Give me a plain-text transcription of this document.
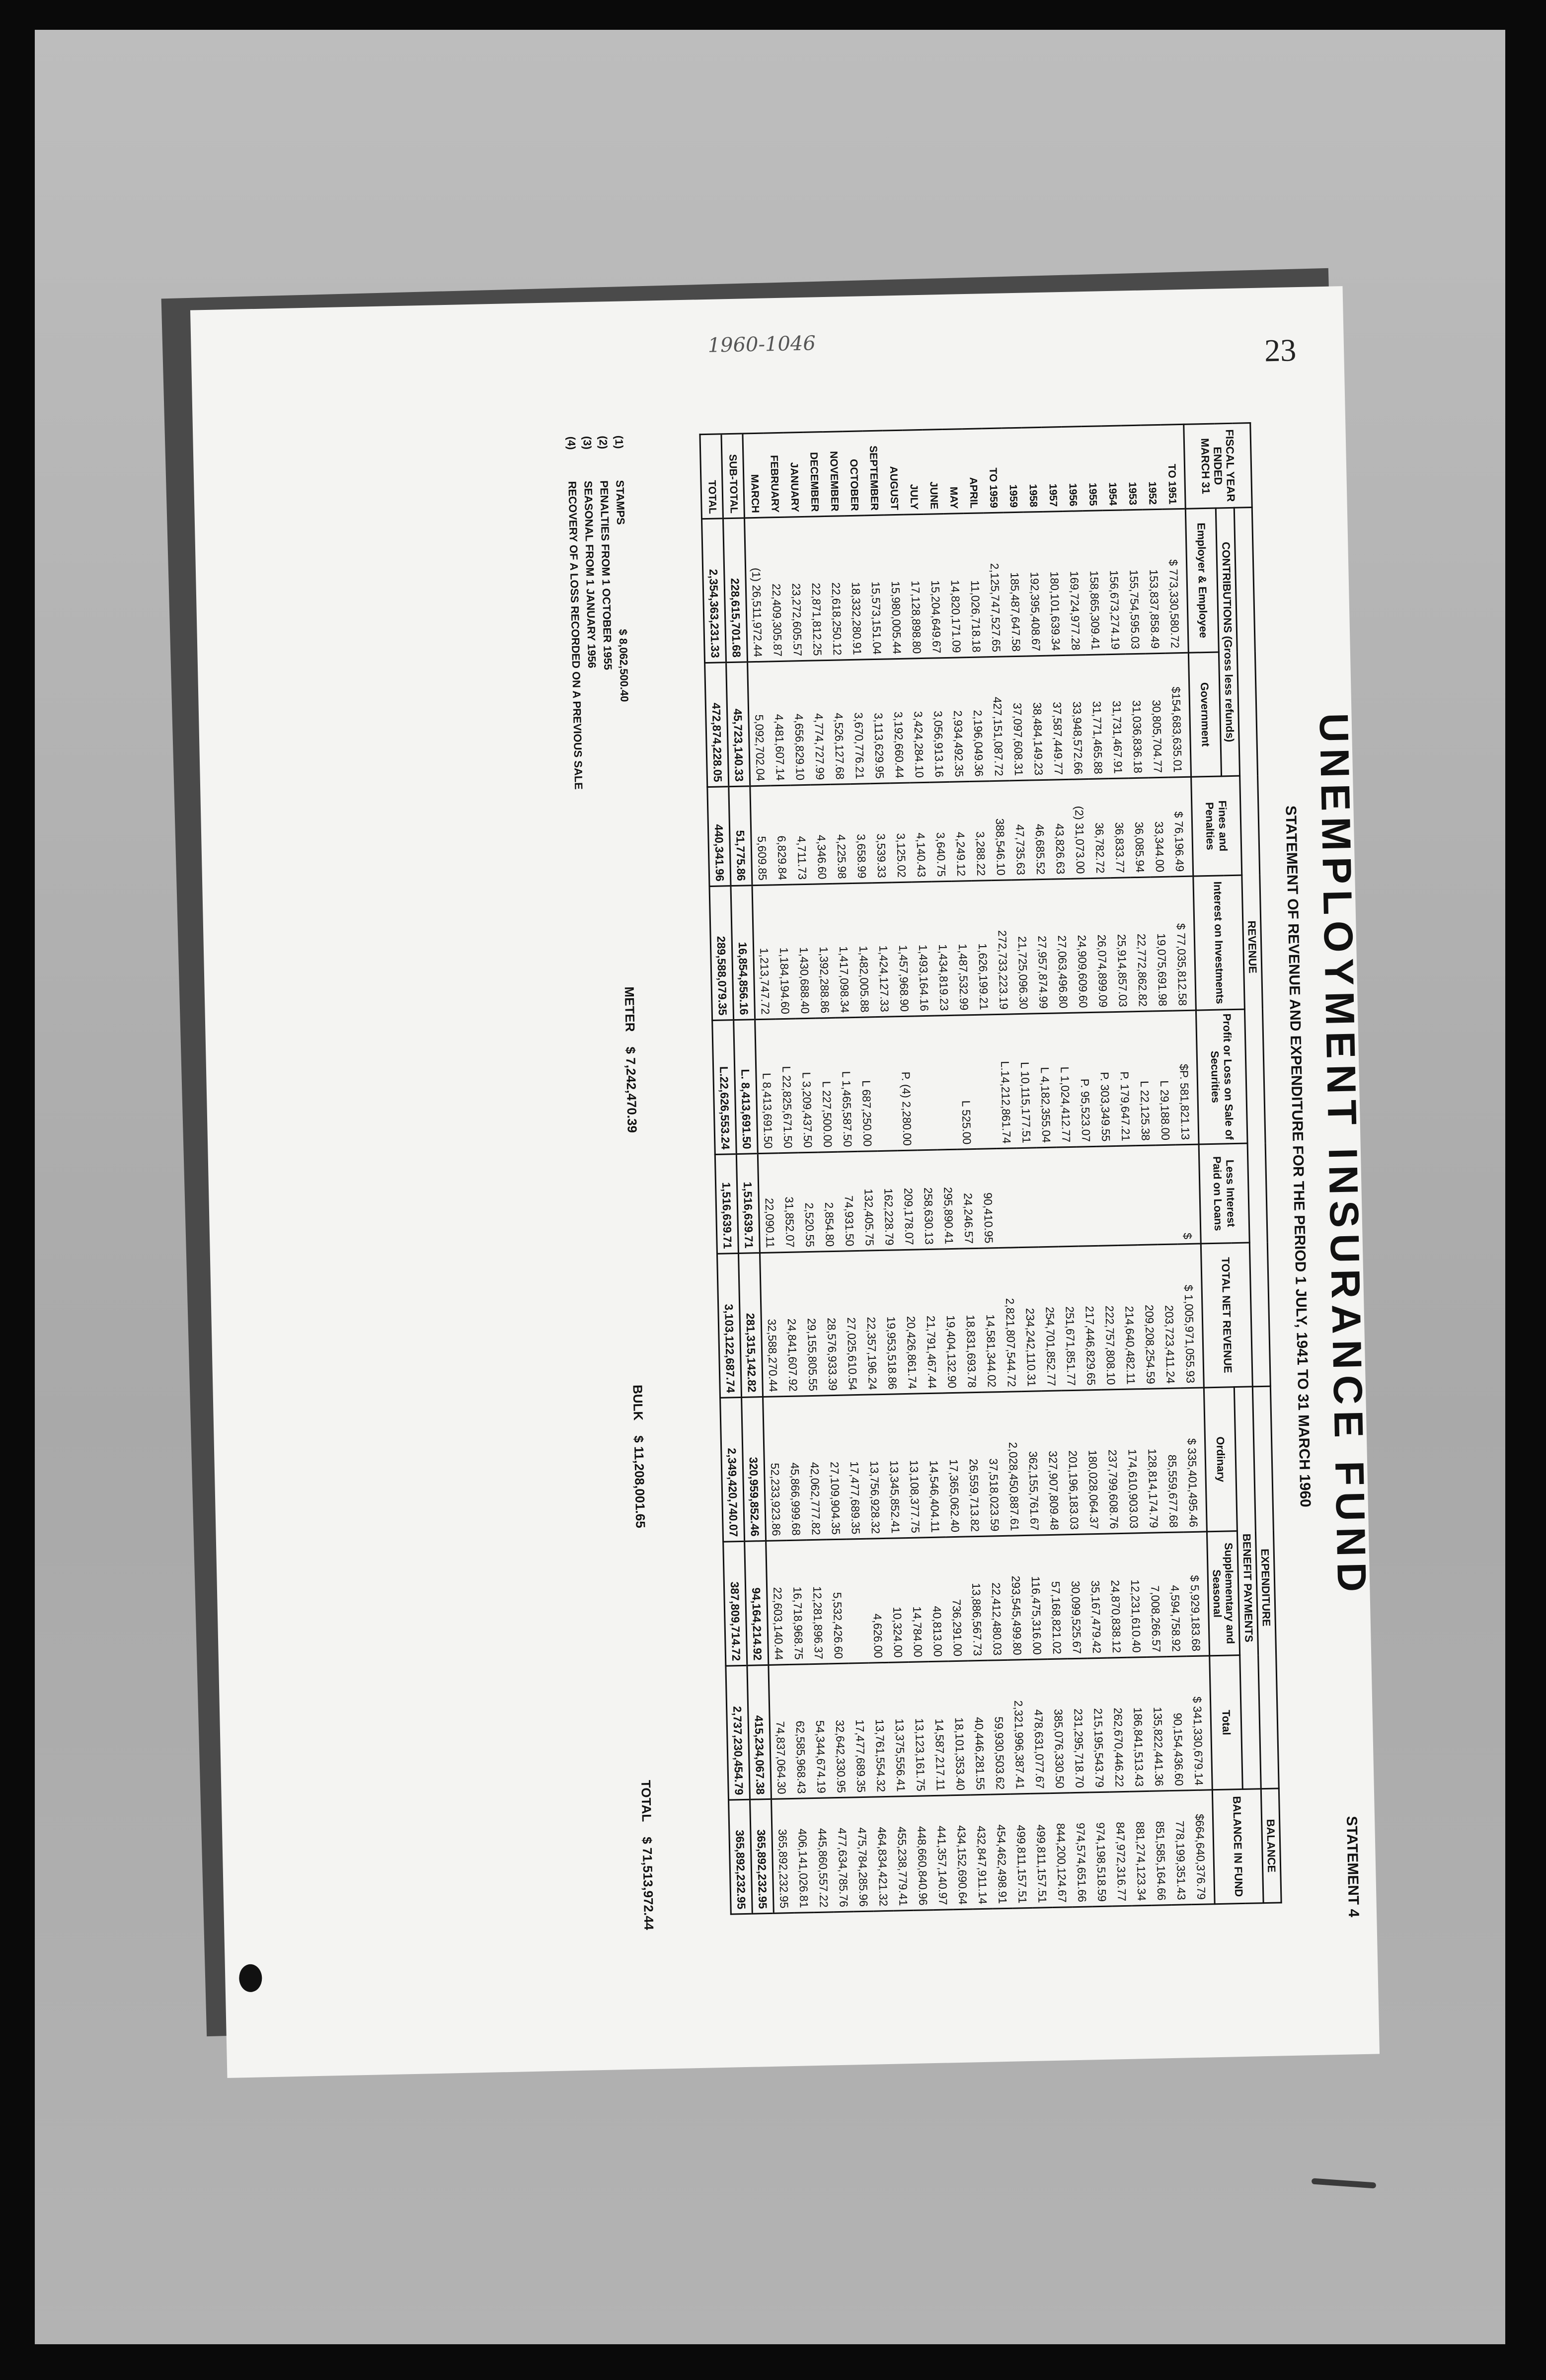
1960-1046	23
UNEMPLOYMENT INSURANCE FUND
STATEMENT OF REVENUE AND EXPENDITURE FOR THE PERIOD 1 JULY, 1941 TO 31 MARCH 1960
STATEMENT 4
FISCAL YEAR ENDED MARCH 31	REVENUE							EXPENDITURE			BALANCE
	CONTRIBUTIONS (Gross less refunds)		Fines and Penalties	Interest on Investments	Profit or Loss on Sale of Securities	Less Interest Paid on Loans	TOTAL NET REVENUE	BENEFIT PAYMENTS			BALANCE IN FUND
	Employer & Employee	Government						Ordinary	Supplementary and Seasonal	Total	
TO 1951	$ 773,330,580.72	$154,683,635.01	$ 76,196.49	$ 77,035,812.58	$P. 581,821.13	$	$ 1,005,971,055.93	$ 335,401,495.46	$ 5,929,183.68	$ 341,330,679.14	$664,640,376.79
1952	153,837,858.49	30,805,704.77	33,344.00	19,075,691.98	L 29,188.00		203,723,411.24	85,559,677.68	4,594,758.92	90,154,436.60	778,199,351.43
1953	155,754,595.03	31,036,836.18	36,085.94	22,772,862.82	L 22,125.38		209,208,254.59	128,814,174.79	7,008,266.57	135,822,441.36	851,585,164.66
1954	156,673,274.19	31,731,467.91	36,833.77	25,914,857.03	P. 179,647.21		214,640,482.11	174,610,903.03	12,231,610.40	186,841,513.43	881,274,123.34
1955	158,865,309.41	31,771,465.88	36,782.72	26,074,899.09	P. 303,349.55		222,757,808.10	237,799,608.76	24,870,838.12	262,670,446.22	847,972,316.77
1956	169,724,977.28	33,948,572.66	(2) 31,073.00	24,909,609.60	P. 95,523.07		217,446,829.65	180,028,064.37	35,167,479.42	215,195,543.79	974,198,518.59
1957	180,101,639.34	37,587,449.77	43,826.63	27,063,496.80	L 1,024,412.77		251,671,851.77	201,196,183.03	30,099,525.67	231,295,718.70	974,574,651.66
1958	192,395,408.67	38,484,149.23	46,685.52	27,957,874.99	L 4,182,355.04		254,701,852.77	327,907,809.48	57,168,821.02	385,076,330.50	844,200,124.67
1959	185,487,647.58	37,097,608.31	47,735.63	21,725,096.30	L 10,115,177.51		234,242,110.31	362,155,761.67	116,475,316.00	478,631,077.67	499,811,157.51
TO 1959	2,125,747,527.65	427,151,087.72	388,546.10	272,733,223.19	L.14,212,861.74		2,821,807,544.72	2,028,450,887.61	293,545,499.80	2,321,996,387.41	499,811,157.51
APRIL	11,026,718.18	2,196,049.36	3,288.22	1,626,199.21		90,410.95	14,581,344.02	37,518,023.59	22,412,480.03	59,930,503.62	454,462,498.91
MAY	14,820,171.09	2,934,492.35	4,249.12	1,487,532.99	L 525.00	24,246.57	18,831,693.78	26,559,713.82	13,886,567.73	40,446,281.55	432,847,911.14
JUNE	15,204,649.67	3,056,913.16	3,640.75	1,434,819.23		295,890.41	19,404,132.90	17,365,062.40	736,291.00	18,101,353.40	434,152,690.64
JULY	17,128,898.80	3,424,284.10	4,140.43	1,493,164.16		258,630.13	21,791,467.44	14,546,404.11	40,813.00	14,587,217.11	441,357,140.97
AUGUST	15,980,005.44	3,192,660.44	3,125.02	1,457,968.90	P. (4) 2,280.00	209,178.07	20,426,861.74	13,108,377.75	14,784.00	13,123,161.75	448,660,840.96
SEPTEMBER	15,573,151.04	3,113,629.95	3,539.33	1,424,127.33		162,228.79	19,953,518.86	13,345,852.41	10,324.00	13,375,556.41	455,238,779.41
OCTOBER	18,332,280.91	3,670,776.21	3,658.99	1,482,005.88	L 687,250.00	132,405.75	22,357,196.24	13,756,928.32	4,626.00	13,761,554.32	464,834,421.32
NOVEMBER	22,618,250.12	4,526,127.68	4,225.98	1,417,098.34	L 1,465,587.50	74,931.50	27,025,610.54	17,477,689.35		17,477,689.35	475,784,285.96
DECEMBER	22,871,812.25	4,774,727.99	4,346.60	1,392,288.86	L 227,500.00	2,854.80	28,576,933.39	27,109,904.35	5,532,426.60	32,642,330.95	477,634,785.76
JANUARY	23,272,605.57	4,656,829.10	4,711.73	1,430,688.40	L 3,209,437.50	2,520.55	29,155,805.55	42,062,777.82	12,281,896.37	54,344,674.19	445,860,557.22
FEBRUARY	22,409,305.87	4,481,607.14	6,829.84	1,184,194.60	L 22,825,671.50	31,852.07	24,841,607.92	45,866,999.68	16,718,968.75	62,585,968.43	406,141,026.81
MARCH	(1) 26,511,972.44	5,092,702.04	5,609.85	1,213,747.72	L 8,413,691.50	22,090.11	32,588,270.44	52,233,923.86	22,603,140.44	74,837,064.30	365,892,232.95
SUB-TOTAL	228,615,701.68	45,723,140.33	51,775.86	16,854,856.16	L. 8,413,691.50	1,516,639.71	281,315,142.82	320,959,852.46	94,164,214.92	415,234,067.38	365,892,232.95
TOTAL	2,354,363,231.33	472,874,228.05	440,341.96	289,588,079.35	L.22,626,553.24	1,516,639.71	3,103,122,687.74	2,349,420,740.07	387,809,714.72	2,737,230,454.79	365,892,232.95
(1)
STAMPS
$ 8,062,500.40
(2)
PENALTIES FROM 1 OCTOBER 1955
(3)
SEASONAL FROM 1 JANUARY 1956
(4)
RECOVERY OF A LOSS RECORDED ON A PREVIOUS SALE
METER
$ 7,242,470.39
BULK
$ 11,208,001.65
TOTAL
$ 71,513,972.44
